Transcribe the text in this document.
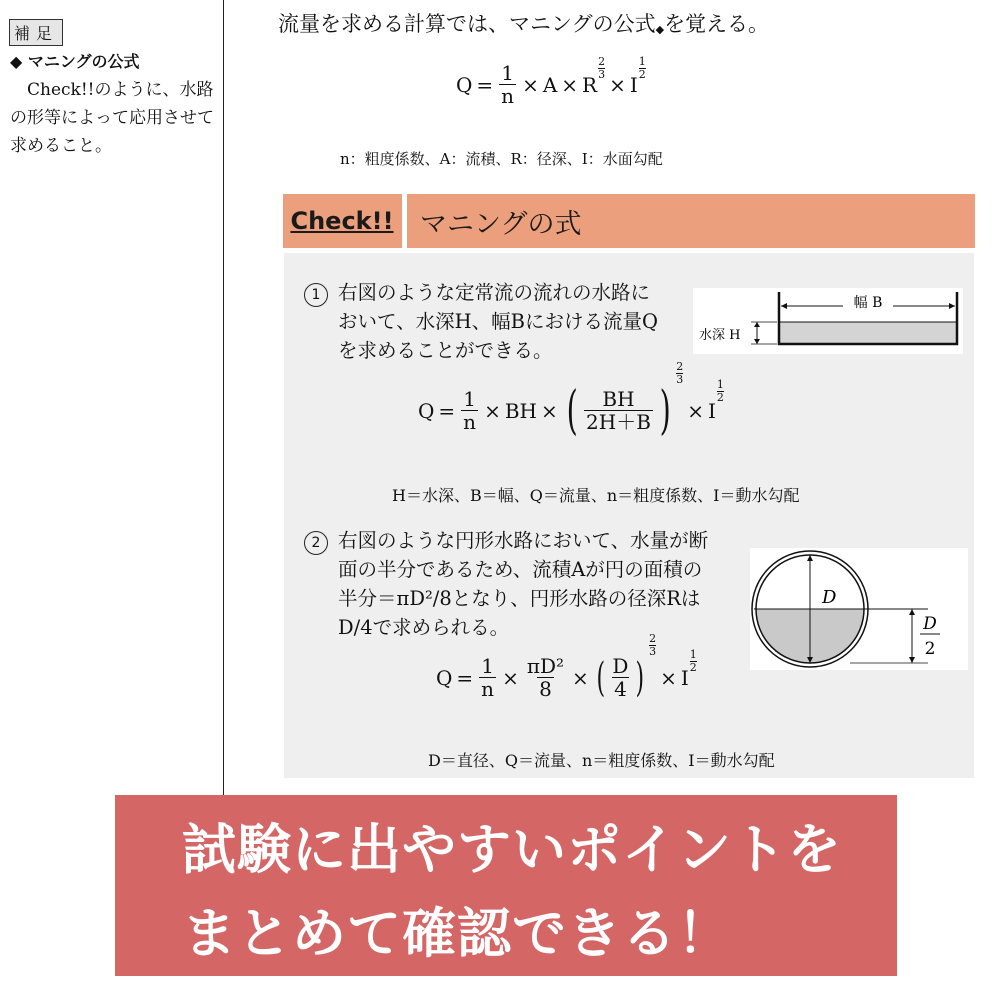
補足
◆ マニングの公式
　Check!!のように、水路の形等によって応用させて求めること。
流量を求める計算では、マニングの公式◆を覚える。
$Q = \frac{1}{n} \times A \times R$
$\frac{2}{3}$
× I
1
2
n：粗度係数、A：流積、R：径深、I：水面勾配
Check!! マニングの式
1 右図のような定常流の流れの水路に
おいて、水深H、幅Bにおける流量Q
を求めることができる。
幅 B
水深 H
$Q = \frac{1}{n}$ × BH × ( $\frac{BH}{2H+B}$ )
$\frac{2}{3}$
× I
1
2
H＝水深、B＝幅、Q＝流量、n＝粗度係数、I＝動水勾配
2 右図のような円形水路において、水量が断
面の半分であるため、流積Aが円の面積の
半分＝πD²/8となり、円形水路の径深Rは
D/4で求められる。
D
D
2
$Q = \frac{1}{n} \times \frac{\text{πD²}}{8}$ × ( $\frac{D}{4}$ )
$\frac{2}{3}$
× I
1
2
D＝直径、Q＝流量、n＝粗度係数、I＝動水勾配
試験に出やすいポイントを
まとめて確認できる！
